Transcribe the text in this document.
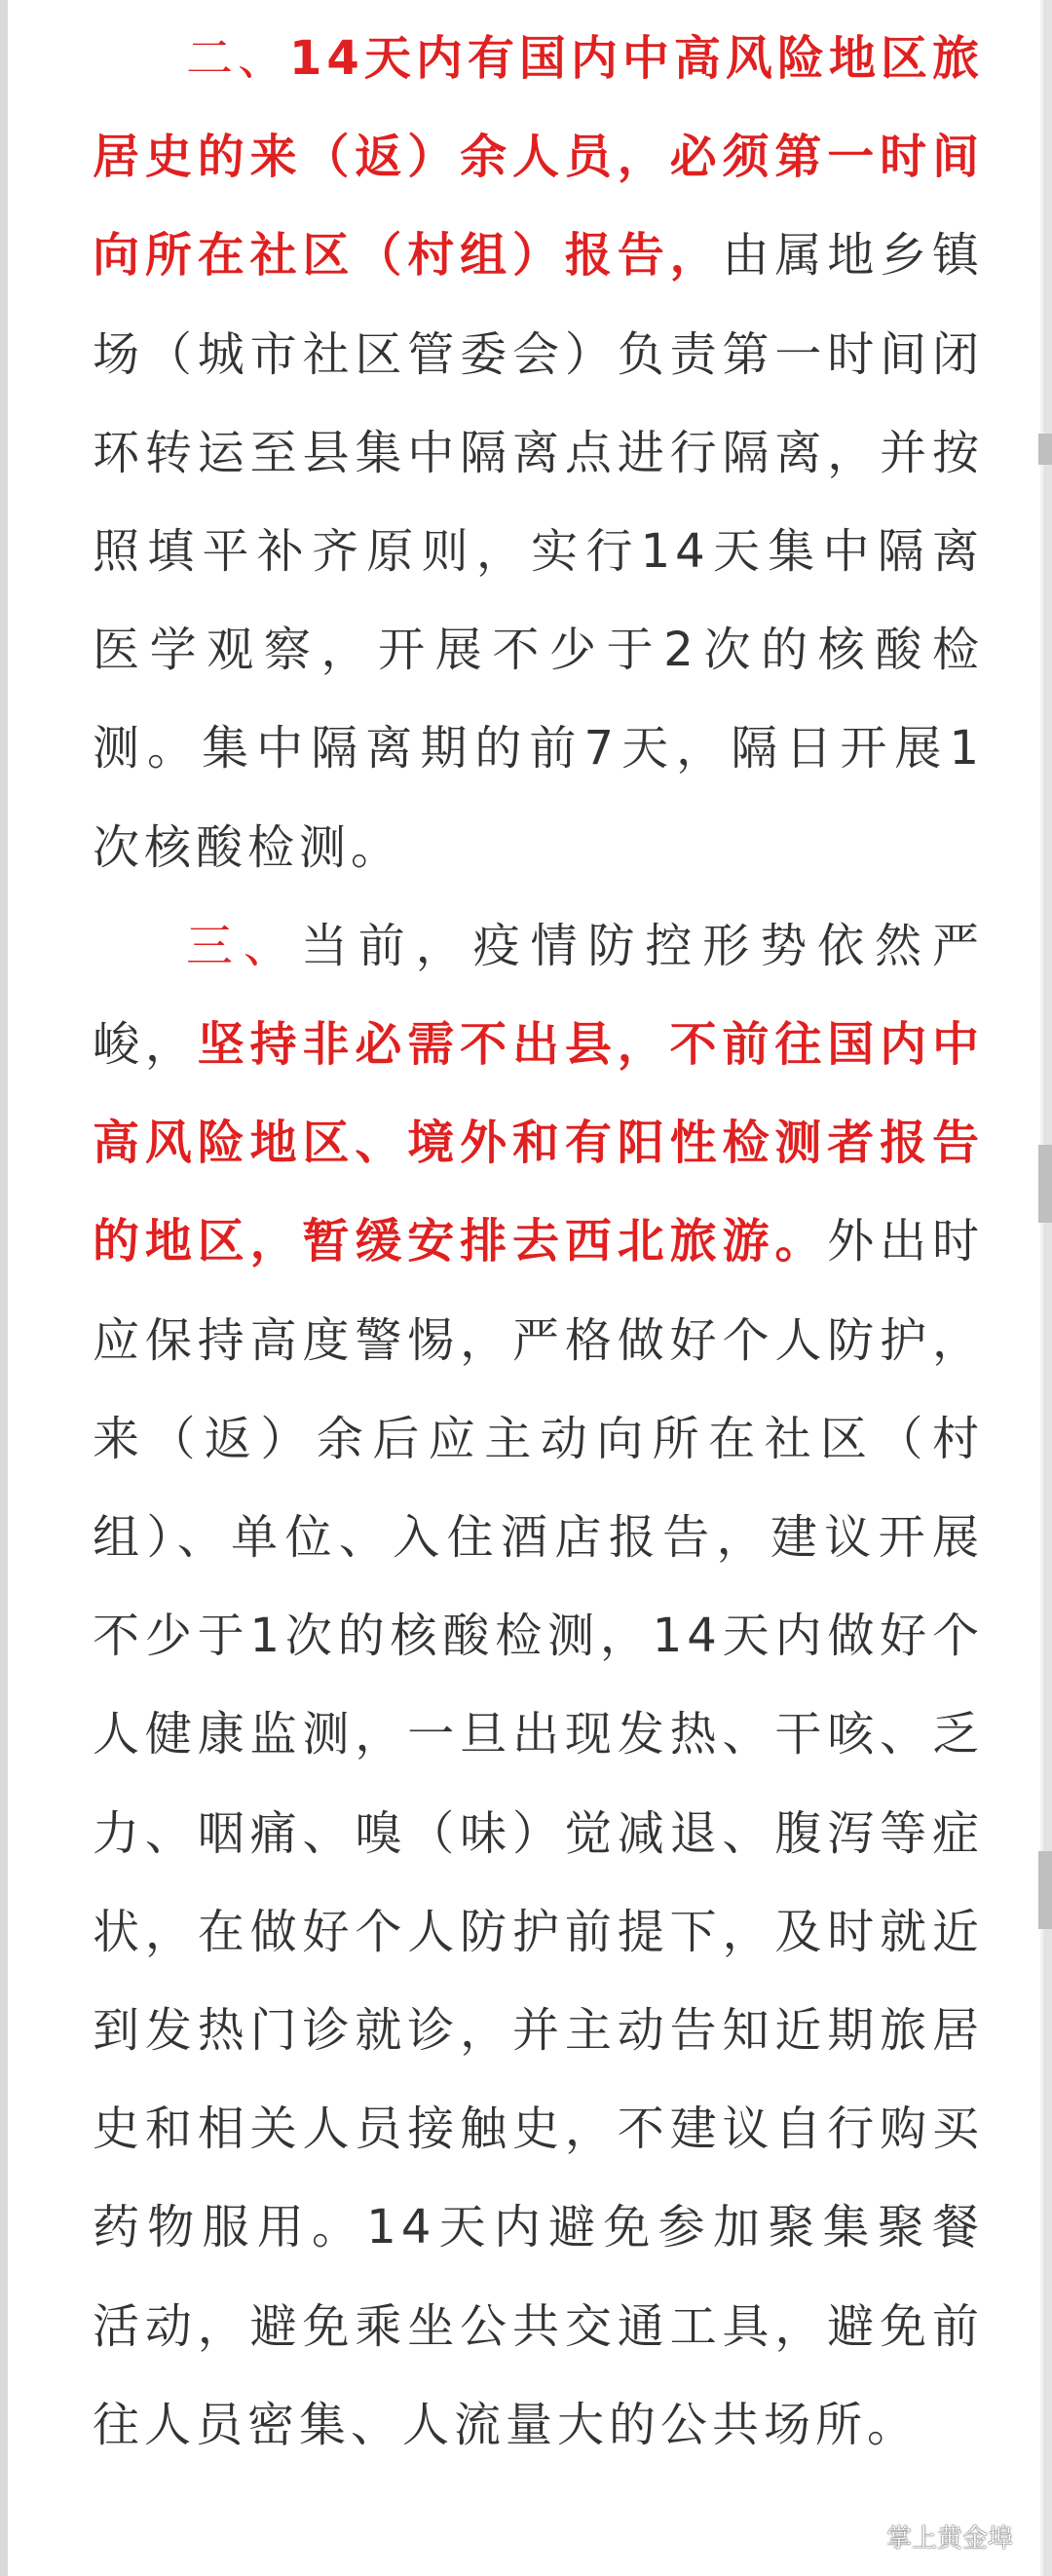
二、14天内有国内中高风险地区旅居史的来（返）余人员，必须第一时间向所在社区（村组）报告，由属地乡镇场（城市社区管委会）负责第一时间闭环转运至县集中隔离点进行隔离，并按照填平补齐原则，实行14天集中隔离医学观察，开展不少于2次的核酸检测。集中隔离期的前7天，隔日开展1次核酸检测。

三、当前，疫情防控形势依然严峻，坚持非必需不出县，不前往国内中高风险地区、境外和有阳性检测者报告的地区，暂缓安排去西北旅游。外出时应保持高度警惕，严格做好个人防护，来（返）余后应主动向所在社区（村组）、单位、入住酒店报告，建议开展不少于1次的核酸检测，14天内做好个人健康监测，一旦出现发热、干咳、乏力、咽痛、嗅（味）觉减退、腹泻等症状，在做好个人防护前提下，及时就近到发热门诊就诊，并主动告知近期旅居史和相关人员接触史，不建议自行购买药物服用。14天内避免参加聚集聚餐活动，避免乘坐公共交通工具，避免前往人员密集、人流量大的公共场所。

掌上黄金埠
